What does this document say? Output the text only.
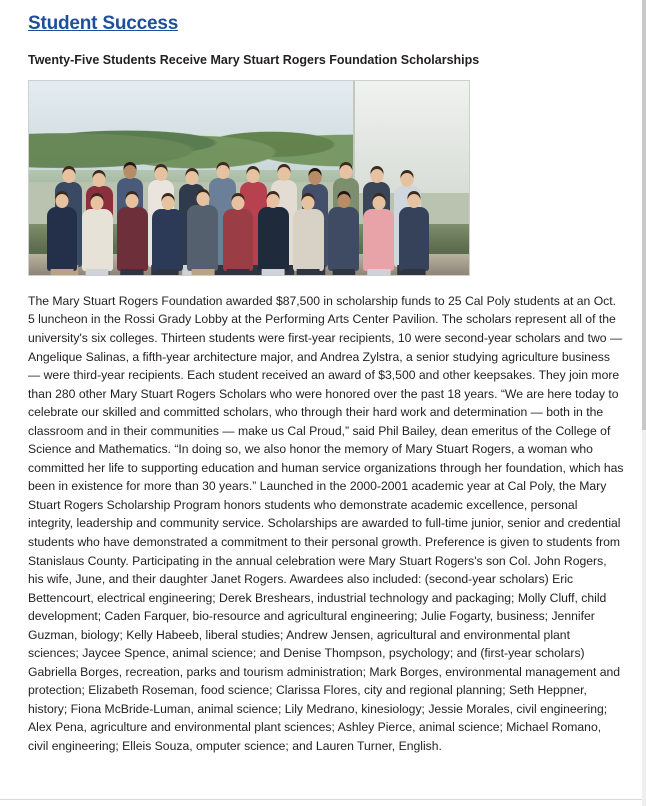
Student Success
Twenty-Five Students Receive Mary Stuart Rogers Foundation Scholarships

The Mary Stuart Rogers Foundation awarded $87,500 in scholarship funds to 25 Cal Poly students at an Oct. 5 luncheon in the Rossi Grady Lobby at the Performing Arts Center Pavilion. The scholars represent all of the university's six colleges. Thirteen students were first-year recipients, 10 were second-year scholars and two — Angelique Salinas, a fifth-year architecture major, and Andrea Zylstra, a senior studying agriculture business — were third-year recipients. Each student received an award of $3,500 and other keepsakes. They join more than 280 other Mary Stuart Rogers Scholars who were honored over the past 18 years. “We are here today to celebrate our skilled and committed scholars, who through their hard work and determination — both in the classroom and in their communities — make us Cal Proud,” said Phil Bailey, dean emeritus of the College of Science and Mathematics. “In doing so, we also honor the memory of Mary Stuart Rogers, a woman who committed her life to supporting education and human service organizations through her foundation, which has been in existence for more than 30 years.” Launched in the 2000-2001 academic year at Cal Poly, the Mary Stuart Rogers Scholarship Program honors students who demonstrate academic excellence, personal integrity, leadership and community service. Scholarships are awarded to full-time junior, senior and credential students who have demonstrated a commitment to their personal growth. Preference is given to students from Stanislaus County. Participating in the annual celebration were Mary Stuart Rogers's son Col. John Rogers, his wife, June, and their daughter Janet Rogers. Awardees also included: (second-year scholars) Eric Bettencourt, electrical engineering; Derek Breshears, industrial technology and packaging; Molly Cluff, child development; Caden Farquer, bio-resource and agricultural engineering; Julie Fogarty, business; Jennifer Guzman, biology; Kelly Habeeb, liberal studies; Andrew Jensen, agricultural and environmental plant sciences; Jaycee Spence, animal science; and Denise Thompson, psychology; and (first-year scholars) Gabriella Borges, recreation, parks and tourism administration; Mark Borges, environmental management and protection; Elizabeth Roseman, food science; Clarissa Flores, city and regional planning; Seth Heppner, history; Fiona McBride-Luman, animal science; Lily Medrano, kinesiology; Jessie Morales, civil engineering; Alex Pena, agriculture and environmental plant sciences; Ashley Pierce, animal science; Michael Romano, civil engineering; Elleis Souza, omputer science; and Lauren Turner, English.
